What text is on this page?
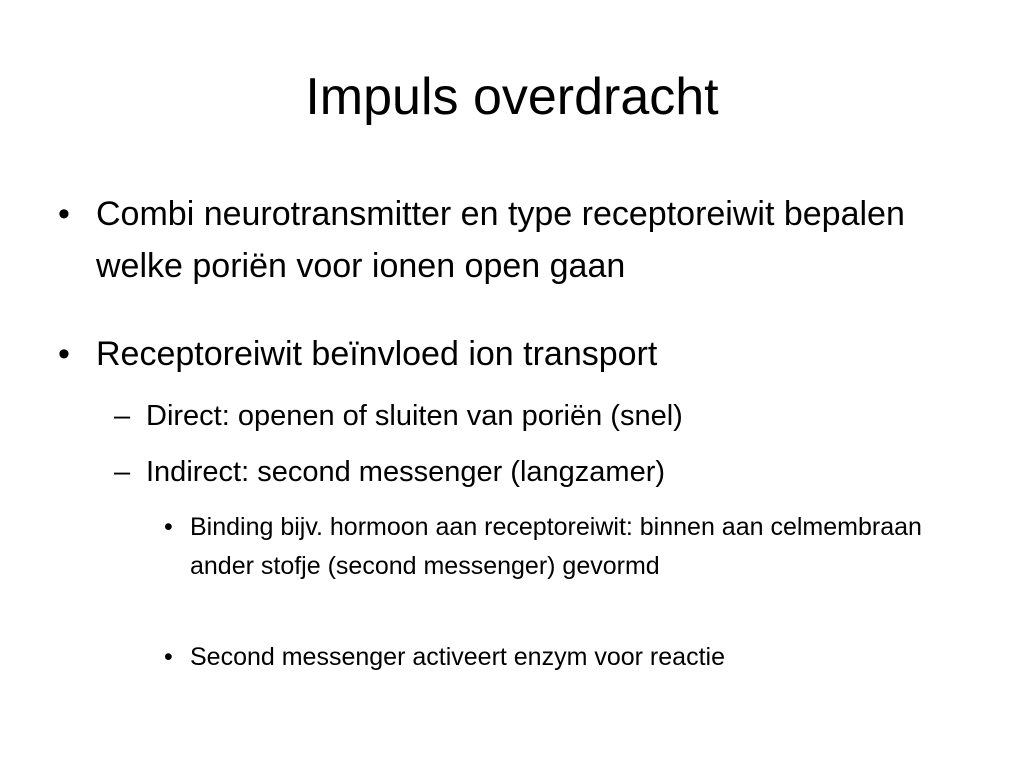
Impuls overdracht
• Combi neurotransmitter en type receptoreiwit bepalen welke poriën voor ionen open gaan
• Receptoreiwit beïnvloed ion transport
– Direct: openen of sluiten van poriën (snel)
– Indirect: second messenger (langzamer)
• Binding bijv. hormoon aan receptoreiwit: binnen aan celmembraan ander stofje (second messenger) gevormd
• Second messenger activeert enzym voor reactie
